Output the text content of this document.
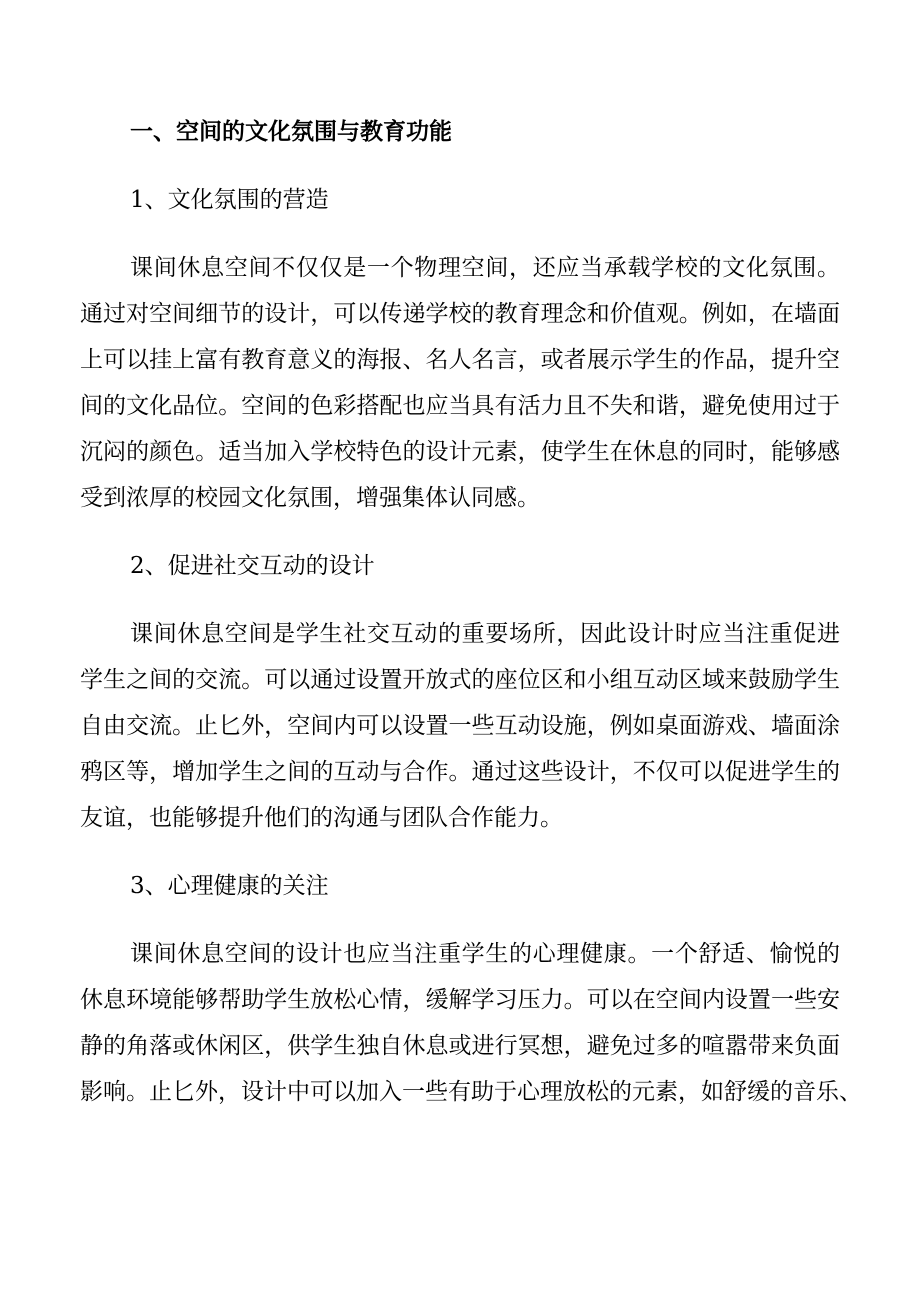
一、空间的文化氛围与教育功能
1、文化氛围的营造
课间休息空间不仅仅是一个物理空间，还应当承载学校的文化氛围。
通过对空间细节的设计，可以传递学校的教育理念和价值观。例如，在墙面
上可以挂上富有教育意义的海报、名人名言，或者展示学生的作品，提升空
间的文化品位。空间的色彩搭配也应当具有活力且不失和谐，避免使用过于
沉闷的颜色。适当加入学校特色的设计元素，使学生在休息的同时，能够感
受到浓厚的校园文化氛围，增强集体认同感。
2、促进社交互动的设计
课间休息空间是学生社交互动的重要场所，因此设计时应当注重促进
学生之间的交流。可以通过设置开放式的座位区和小组互动区域来鼓励学生
自由交流。止匕外，空间内可以设置一些互动设施，例如桌面游戏、墙面涂
鸦区等，增加学生之间的互动与合作。通过这些设计，不仅可以促进学生的
友谊，也能够提升他们的沟通与团队合作能力。
3、心理健康的关注
课间休息空间的设计也应当注重学生的心理健康。一个舒适、愉悦的
休息环境能够帮助学生放松心情，缓解学习压力。可以在空间内设置一些安
静的角落或休闲区，供学生独自休息或进行冥想，避免过多的喧嚣带来负面
影响。止匕外，设计中可以加入一些有助于心理放松的元素，如舒缓的音乐、
